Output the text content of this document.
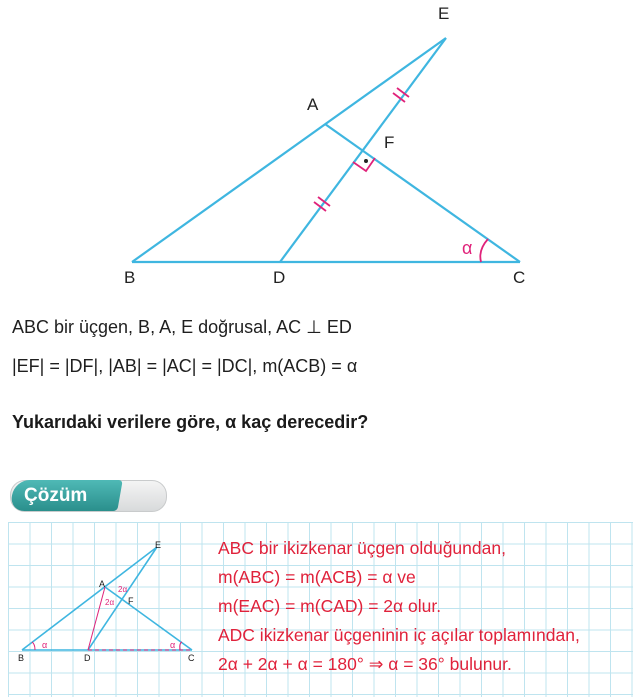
E
A
F
B	D	C
α
ABC bir üçgen, B, A, E doğrusal, AC ⊥ ED
|EF| = |DF|, |AB| = |AC| = |DC|, m(ACB) = α
Yukarıdaki verilere göre, α kaç derecedir?
Çözüm
E
A
F
B	D	C
α	α
2α
2α
ABC bir ikizkenar üçgen olduğundan,
m(ABC) = m(ACB) = α ve
m(EAC) = m(CAD) = 2α olur.
ADC ikizkenar üçgeninin iç açılar toplamından,
2α + 2α + α = 180° ⇒ α = 36° bulunur.
